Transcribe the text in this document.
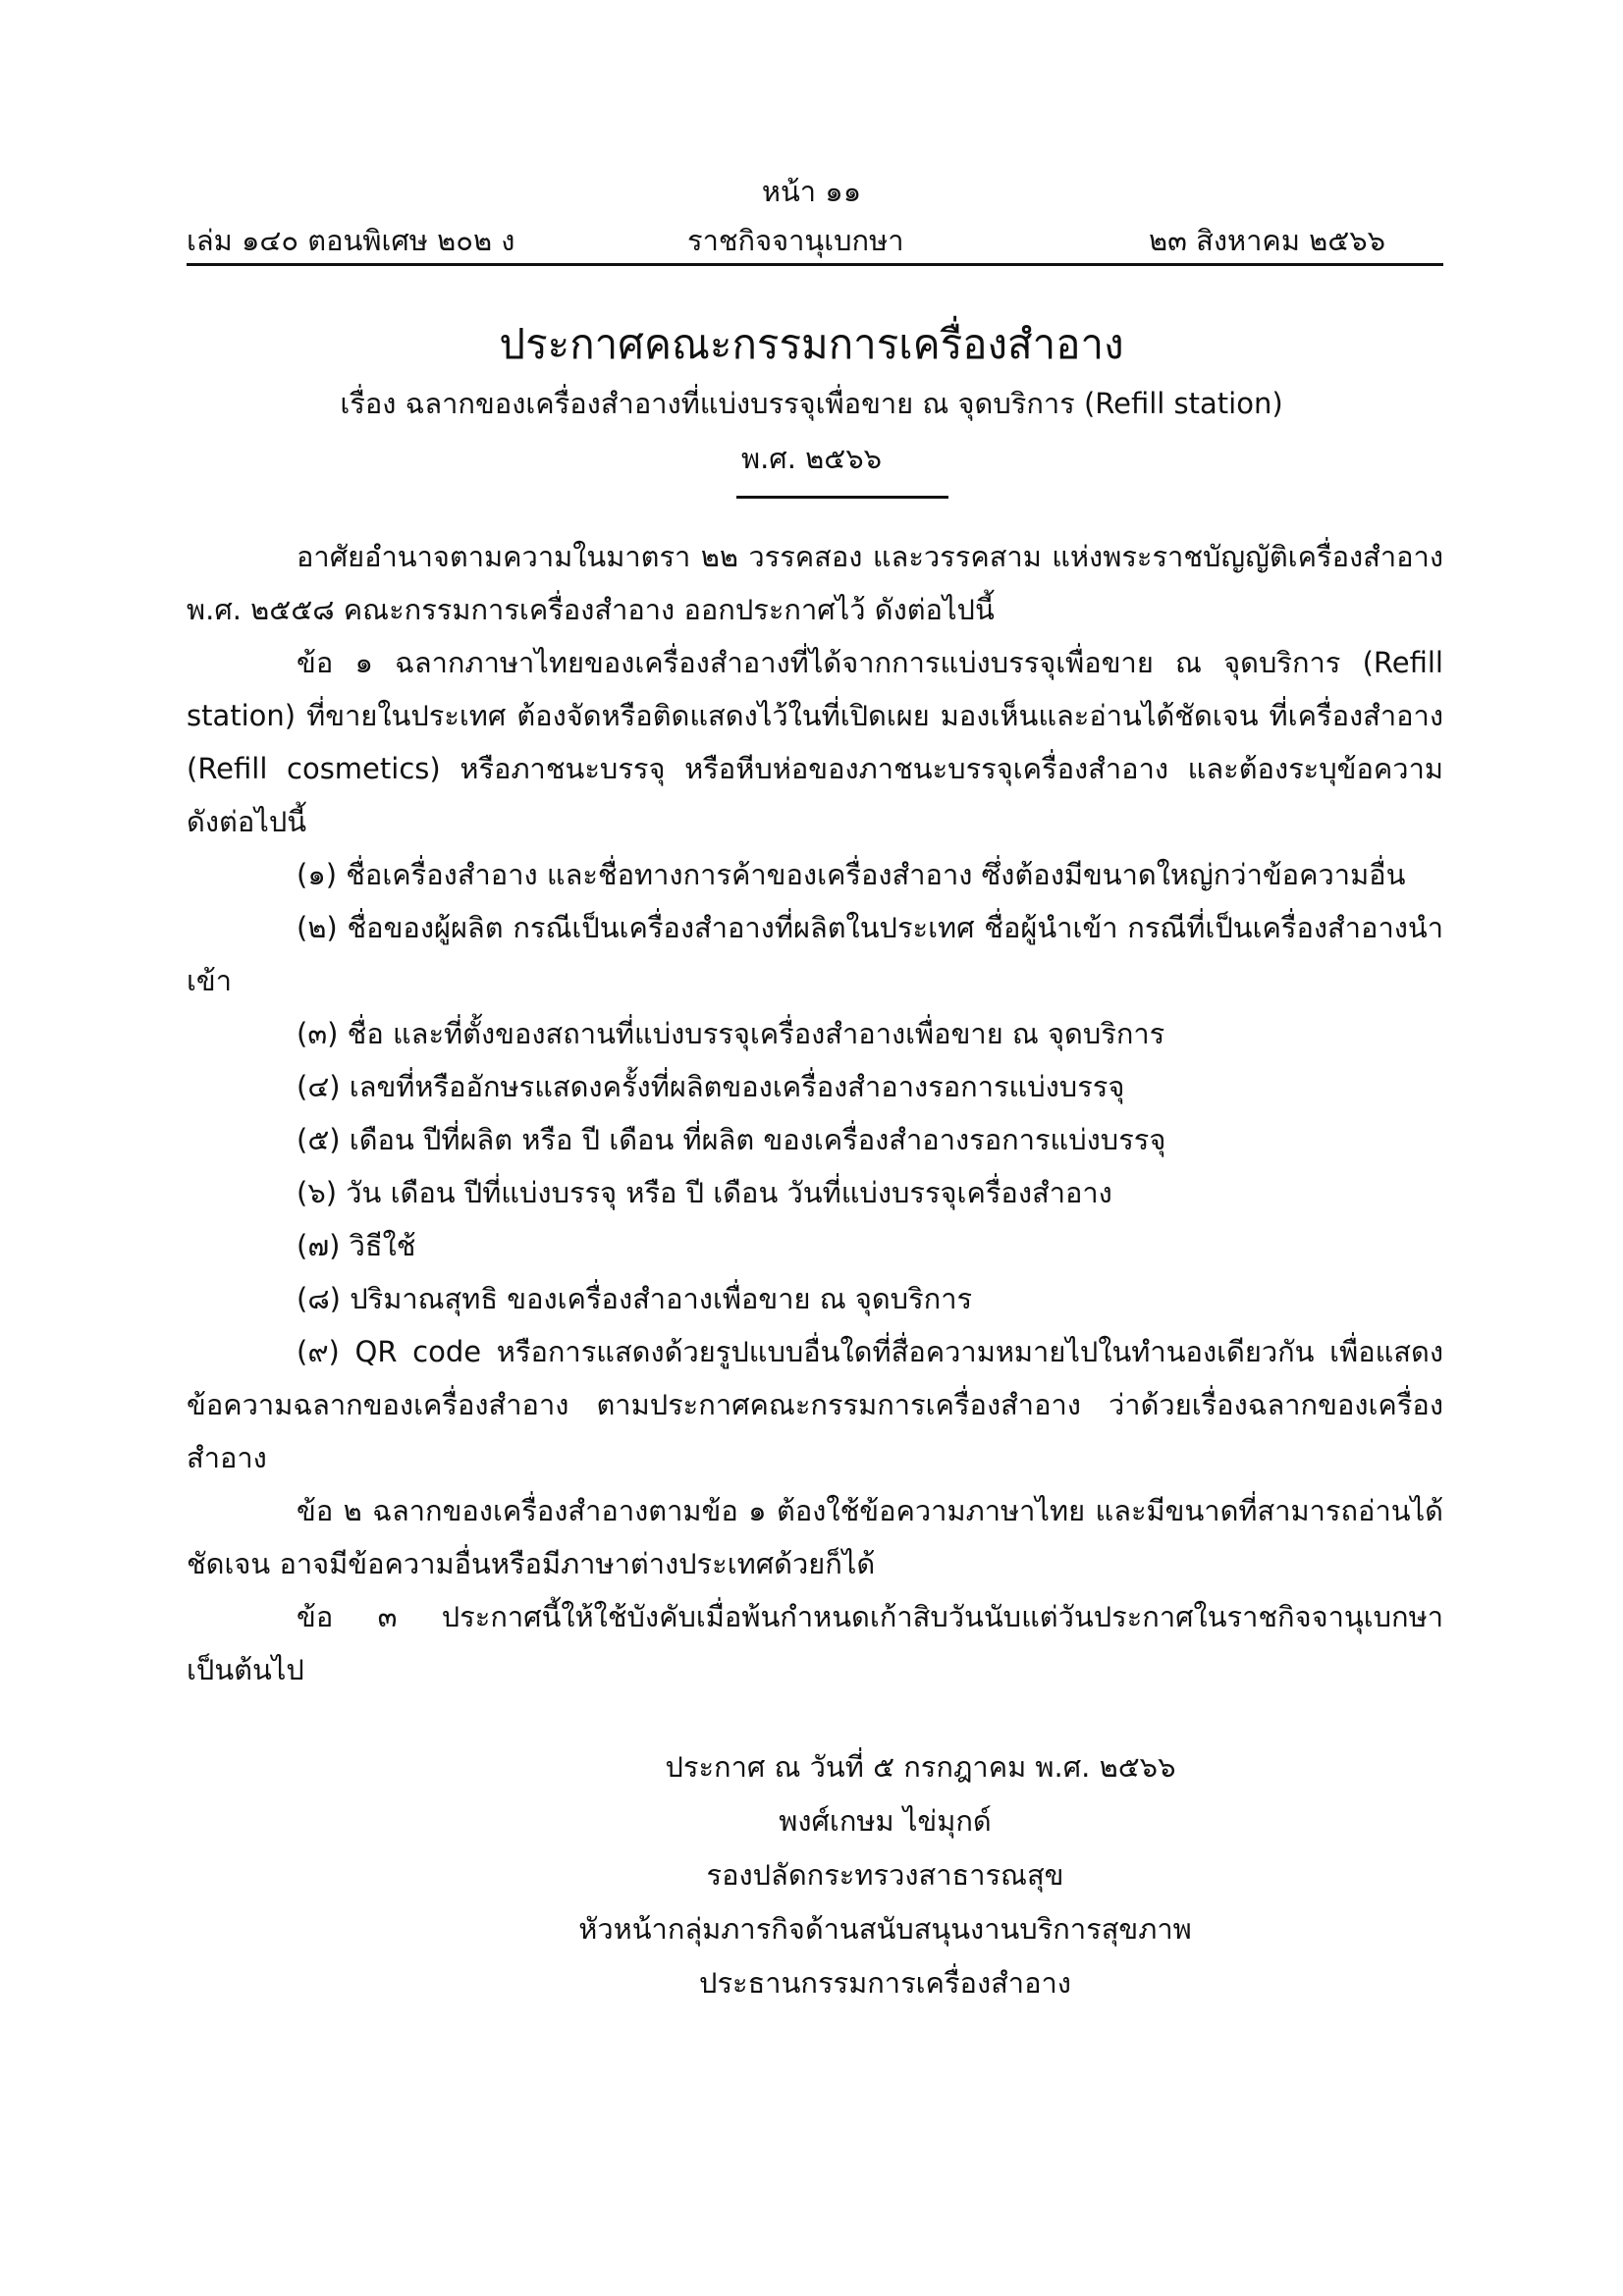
หน้า ๑๑
เล่ม ๑๔๐ ตอนพิเศษ ๒๐๒ ง	ราชกิจจานุเบกษา	๒๓ สิงหาคม ๒๕๖๖
ประกาศคณะกรรมการเครื่องสำอาง
เรื่อง ฉลากของเครื่องสำอางที่แบ่งบรรจุเพื่อขาย ณ จุดบริการ (Refill station)
พ.ศ. ๒๕๖๖

อาศัยอำนาจตามความในมาตรา ๒๒ วรรคสอง และวรรคสาม แห่งพระราชบัญญัติเครื่องสำอาง พ.ศ. ๒๕๕๘ คณะกรรมการเครื่องสำอาง ออกประกาศไว้ ดังต่อไปนี้

ข้อ ๑ ฉลากภาษาไทยของเครื่องสำอางที่ได้จากการแบ่งบรรจุเพื่อขาย ณ จุดบริการ (Refill station) ที่ขายในประเทศ ต้องจัดหรือติดแสดงไว้ในที่เปิดเผย มองเห็นและอ่านได้ชัดเจน ที่เครื่องสำอาง (Refill cosmetics) หรือภาชนะบรรจุ หรือหีบห่อของภาชนะบรรจุเครื่องสำอาง และต้องระบุข้อความ ดังต่อไปนี้

(๑) ชื่อเครื่องสำอาง และชื่อทางการค้าของเครื่องสำอาง ซึ่งต้องมีขนาดใหญ่กว่าข้อความอื่น

(๒) ชื่อของผู้ผลิต กรณีเป็นเครื่องสำอางที่ผลิตในประเทศ ชื่อผู้นำเข้า กรณีที่เป็นเครื่องสำอางนำเข้า

(๓) ชื่อ และที่ตั้งของสถานที่แบ่งบรรจุเครื่องสำอางเพื่อขาย ณ จุดบริการ

(๔) เลขที่หรืออักษรแสดงครั้งที่ผลิตของเครื่องสำอางรอการแบ่งบรรจุ

(๕) เดือน ปีที่ผลิต หรือ ปี เดือน ที่ผลิต ของเครื่องสำอางรอการแบ่งบรรจุ

(๖) วัน เดือน ปีที่แบ่งบรรจุ หรือ ปี เดือน วันที่แบ่งบรรจุเครื่องสำอาง

(๗) วิธีใช้

(๘) ปริมาณสุทธิ ของเครื่องสำอางเพื่อขาย ณ จุดบริการ

(๙) QR code หรือการแสดงด้วยรูปแบบอื่นใดที่สื่อความหมายไปในทำนองเดียวกัน เพื่อแสดงข้อความฉลากของเครื่องสำอาง ตามประกาศคณะกรรมการเครื่องสำอาง ว่าด้วยเรื่องฉลากของเครื่องสำอาง

ข้อ ๒ ฉลากของเครื่องสำอางตามข้อ ๑ ต้องใช้ข้อความภาษาไทย และมีขนาดที่สามารถอ่านได้ชัดเจน อาจมีข้อความอื่นหรือมีภาษาต่างประเทศด้วยก็ได้

ข้อ ๓ ประกาศนี้ให้ใช้บังคับเมื่อพ้นกำหนดเก้าสิบวันนับแต่วันประกาศในราชกิจจานุเบกษาเป็นต้นไป

ประกาศ ณ วันที่ ๕ กรกฎาคม พ.ศ. ๒๕๖๖
พงศ์เกษม ไข่มุกด์
รองปลัดกระทรวงสาธารณสุข
หัวหน้ากลุ่มภารกิจด้านสนับสนุนงานบริการสุขภาพ
ประธานกรรมการเครื่องสำอาง
